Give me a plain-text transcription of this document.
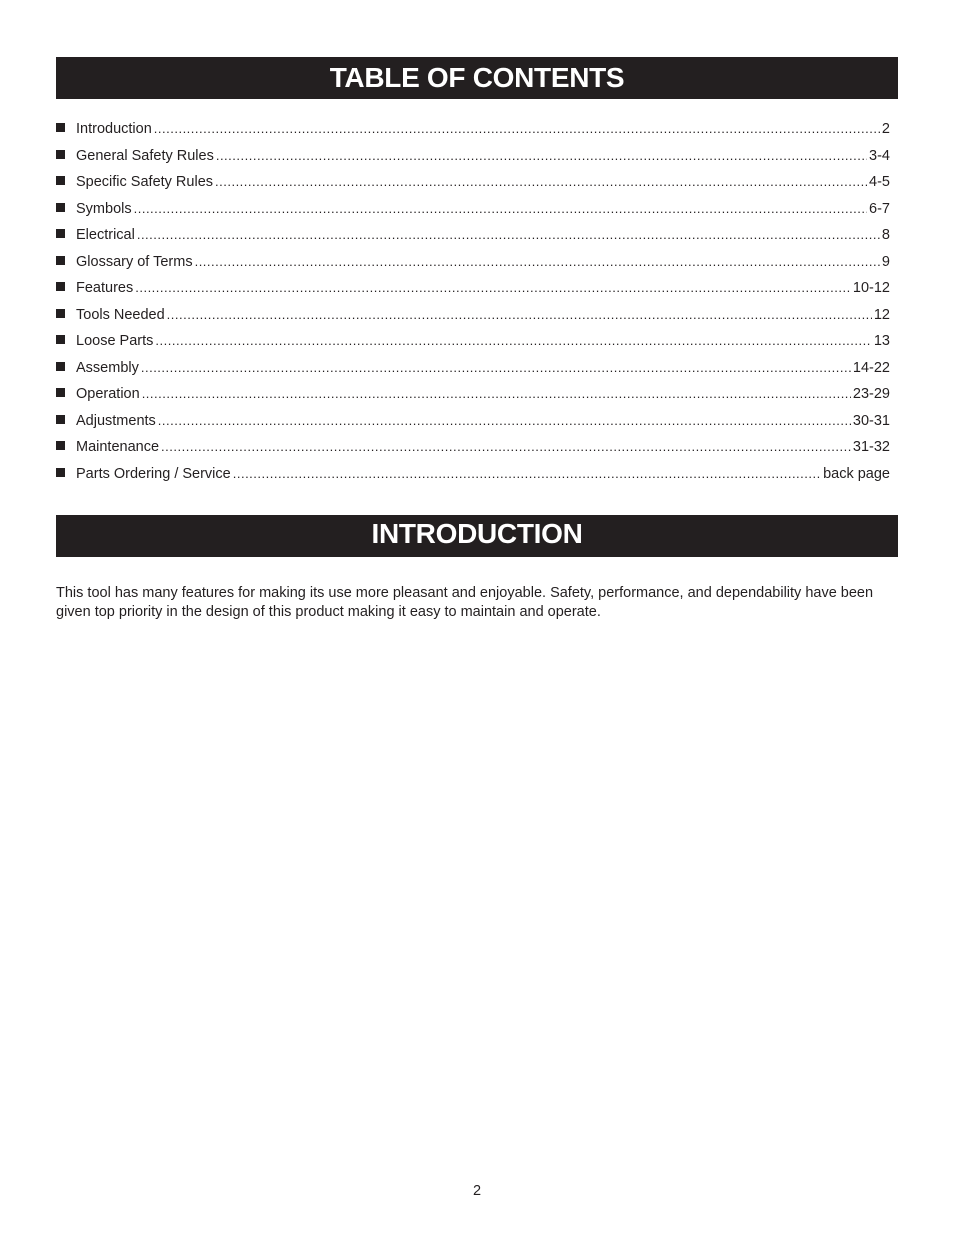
TABLE OF CONTENTS
Introduction .....	2
General Safety Rules .....	3-4
Specific Safety Rules .....	4-5
Symbols .....	6-7
Electrical .....	8
Glossary of Terms .....	9
Features .....	10-12
Tools Needed .....	12
Loose Parts .....	13
Assembly .....	14-22
Operation .....	23-29
Adjustments .....	30-31
Maintenance .....	31-32
Parts Ordering / Service .....	back page
INTRODUCTION

This tool has many features for making its use more pleasant and enjoyable. Safety, performance, and dependability have been given top priority in the design of this product making it easy to maintain and operate.

2
